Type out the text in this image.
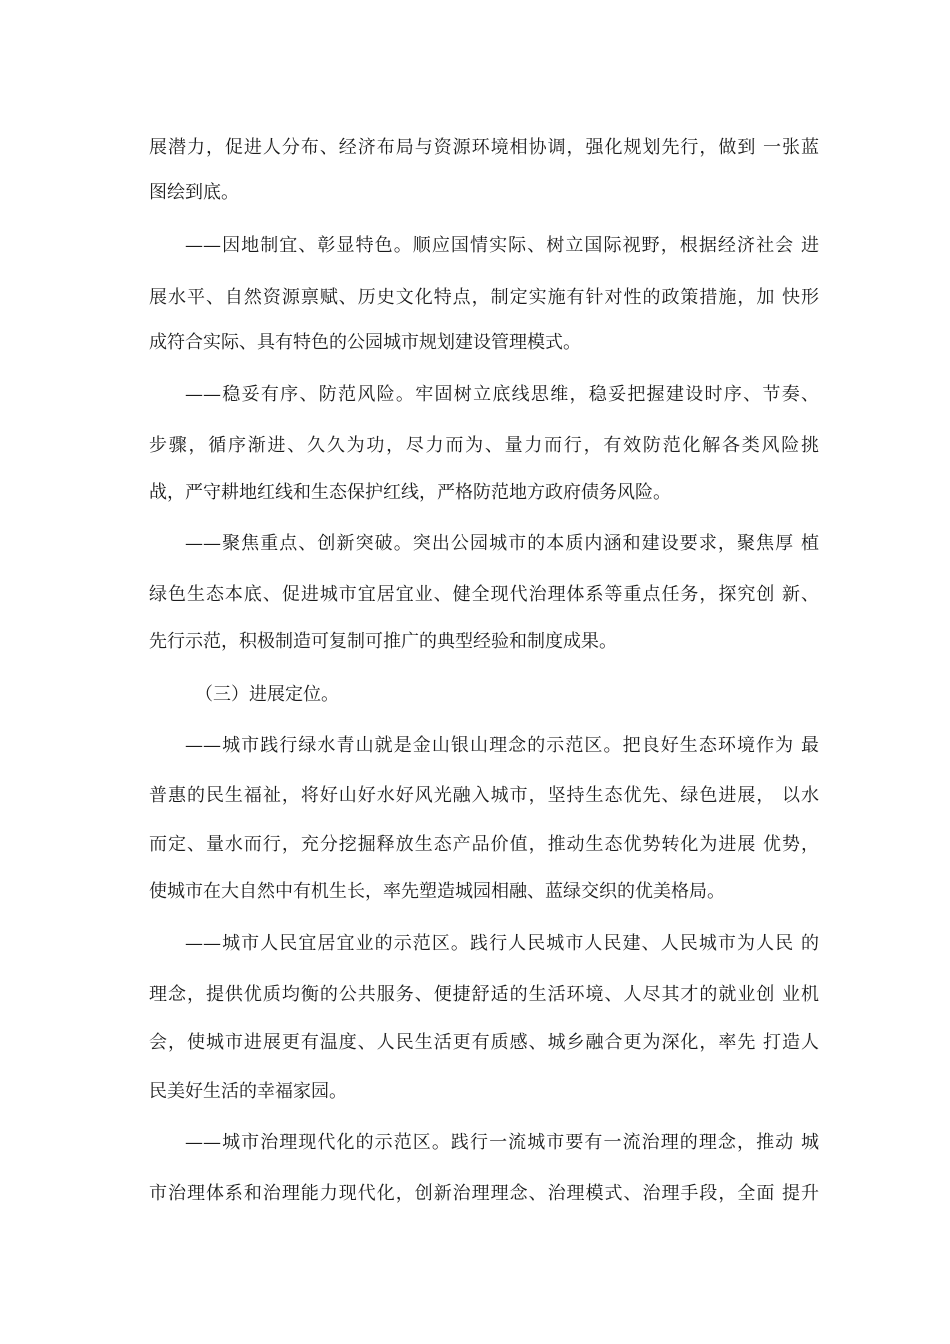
展潜力，促进人分布、经济布局与资源环境相协调，强化规划先行，做到 一张蓝
图绘到底。
——因地制宜、彰显特色。顺应国情实际、树立国际视野，根据经济社会 进
展水平、自然资源禀赋、历史文化特点，制定实施有针对性的政策措施，加 快形
成符合实际、具有特色的公园城市规划建设管理模式。
——稳妥有序、防范风险。牢固树立底线思维，稳妥把握建设时序、节奏、
步骤，循序渐进、久久为功，尽力而为、量力而行，有效防范化解各类风险挑
战，严守耕地红线和生态保护红线，严格防范地方政府债务风险。
——聚焦重点、创新突破。突出公园城市的本质内涵和建设要求，聚焦厚 植
绿色生态本底、促进城市宜居宜业、健全现代治理体系等重点任务，探究创 新、
先行示范，积极制造可复制可推广的典型经验和制度成果。
（三）进展定位。
——城市践行绿水青山就是金山银山理念的示范区。把良好生态环境作为 最
普惠的民生福祉，将好山好水好风光融入城市，坚持生态优先、绿色进展， 以水
而定、量水而行，充分挖掘释放生态产品价值，推动生态优势转化为进展 优势，
使城市在大自然中有机生长，率先塑造城园相融、蓝绿交织的优美格局。
——城市人民宜居宜业的示范区。践行人民城市人民建、人民城市为人民 的
理念，提供优质均衡的公共服务、便捷舒适的生活环境、人尽其才的就业创 业机
会，使城市进展更有温度、人民生活更有质感、城乡融合更为深化，率先 打造人
民美好生活的幸福家园。
——城市治理现代化的示范区。践行一流城市要有一流治理的理念，推动 城
市治理体系和治理能力现代化，创新治理理念、治理模式、治理手段，全面 提升
